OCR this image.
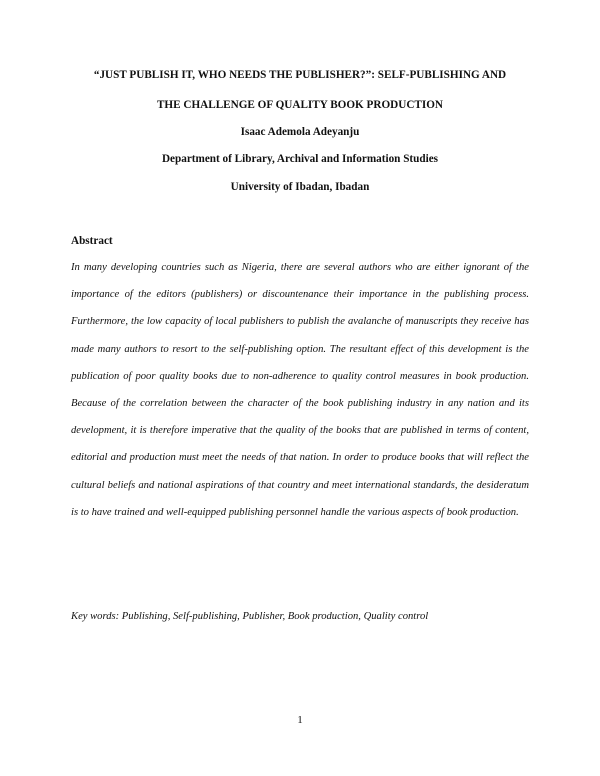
“JUST PUBLISH IT, WHO NEEDS THE PUBLISHER?”: SELF-PUBLISHING AND
THE CHALLENGE OF QUALITY BOOK PRODUCTION
Isaac Ademola Adeyanju
Department of Library, Archival and Information Studies
University of Ibadan, Ibadan
Abstract
In many developing countries such as Nigeria, there are several authors who are either ignorant of the importance of the editors (publishers) or discountenance their importance in the publishing process. Furthermore, the low capacity of local publishers to publish the avalanche of manuscripts they receive has made many authors to resort to the self-publishing option. The resultant effect of this development is the publication of poor quality books due to non-adherence to quality control measures in book production. Because of the correlation between the character of the book publishing industry in any nation and its development, it is therefore imperative that the quality of the books that are published in terms of content, editorial and production must meet the needs of that nation. In order to produce books that will reflect the cultural beliefs and national aspirations of that country and meet international standards, the desideratum is to have trained and well-equipped publishing personnel handle the various aspects of book production.
Key words: Publishing, Self-publishing, Publisher, Book production, Quality control
1
